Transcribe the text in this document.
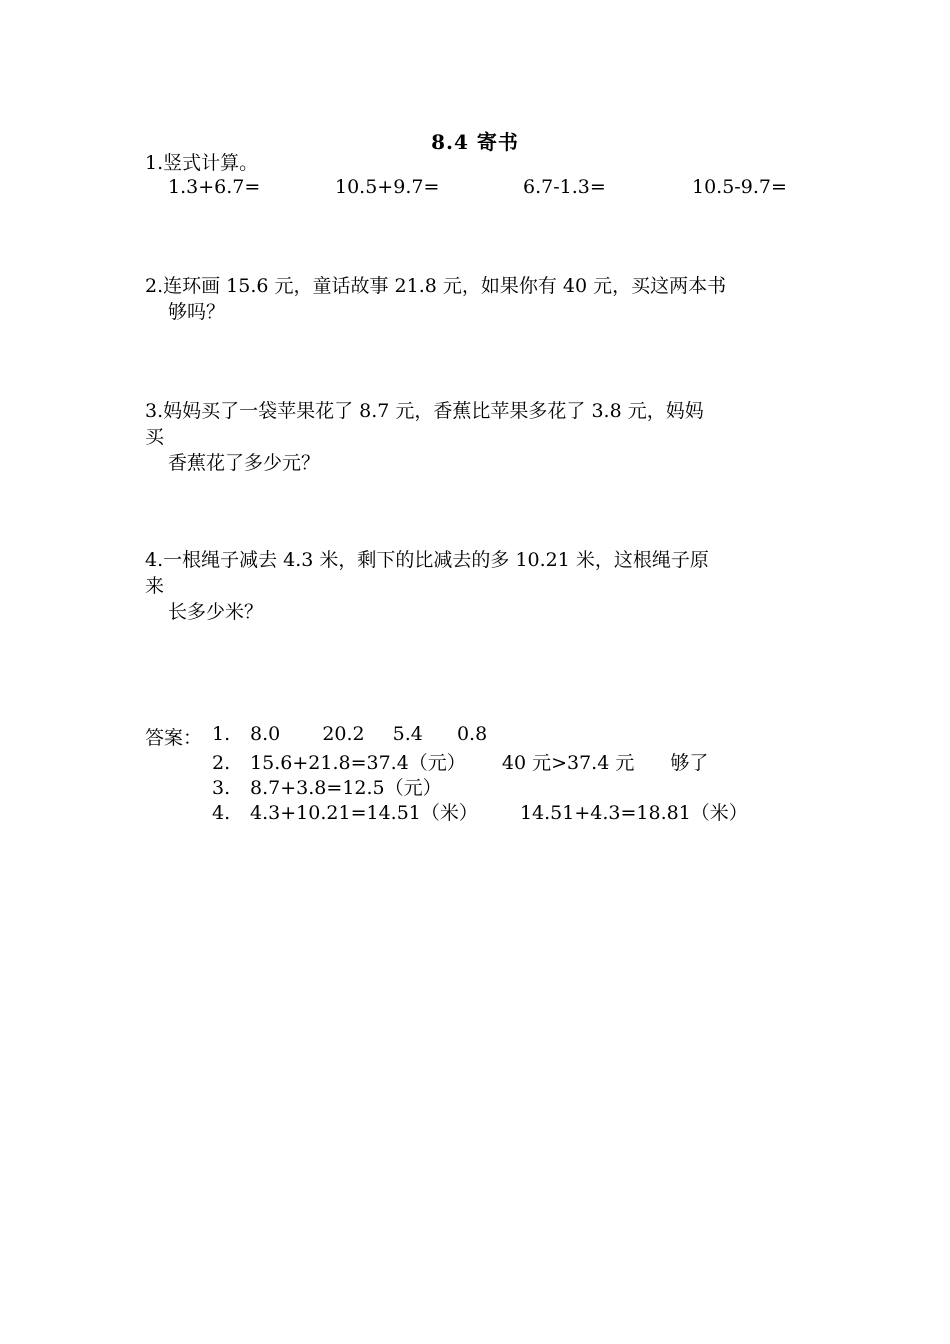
8.4 寄书
1.竖式计算。
1.3+6.7=	10.5+9.7=	6.7-1.3=	10.5-9.7=
2.连环画 15.6 元，童话故事 21.8 元，如果你有 40 元，买这两本书
够吗？
3.妈妈买了一袋苹果花了 8.7 元，香蕉比苹果多花了 3.8 元，妈妈
买
香蕉花了多少元？
4.一根绳子减去 4.3 米，剩下的比减去的多 10.21 米，这根绳子原
来
长多少米？
答案： 1. 8.0 20.2 5.4 0.8
2. 15.6+21.8=37.4（元） 40 元>37.4 元 够了
3. 8.7+3.8=12.5（元）
4. 4.3+10.21=14.51（米） 14.51+4.3=18.81（米）
